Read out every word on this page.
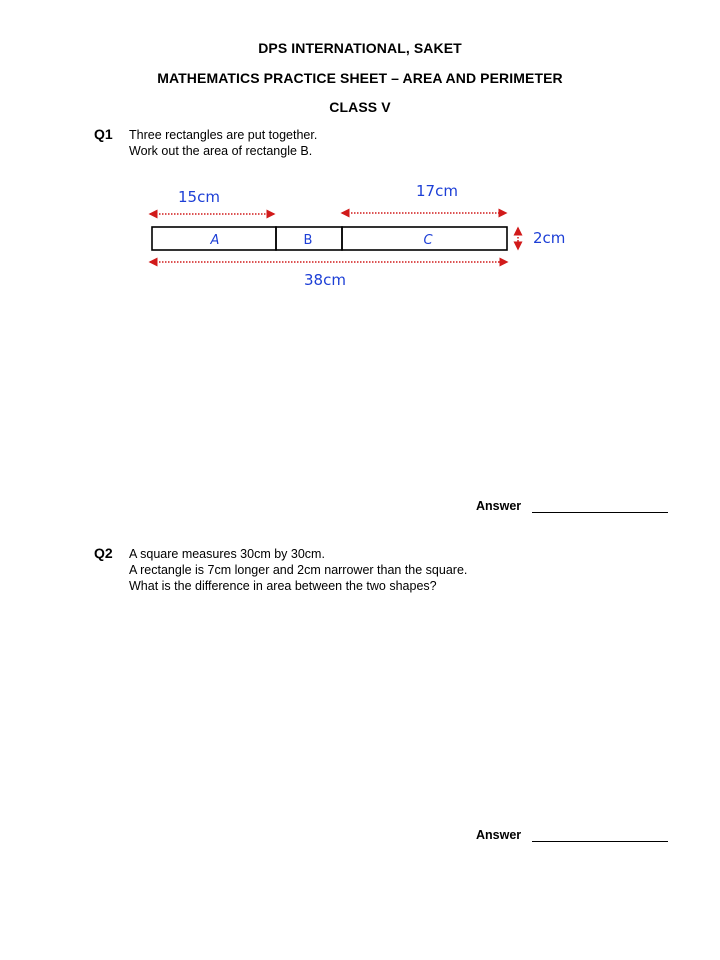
DPS INTERNATIONAL, SAKET
MATHEMATICS PRACTICE SHEET – AREA AND PERIMETER
CLASS V
Q1 Three rectangles are put together.
Work out the area of rectangle B.
15cm	17cm
A	B	C	2cm
38cm
Answer
Q2 A square measures 30cm by 30cm.
A rectangle is 7cm longer and 2cm narrower than the square.
What is the difference in area between the two shapes?
Answer
